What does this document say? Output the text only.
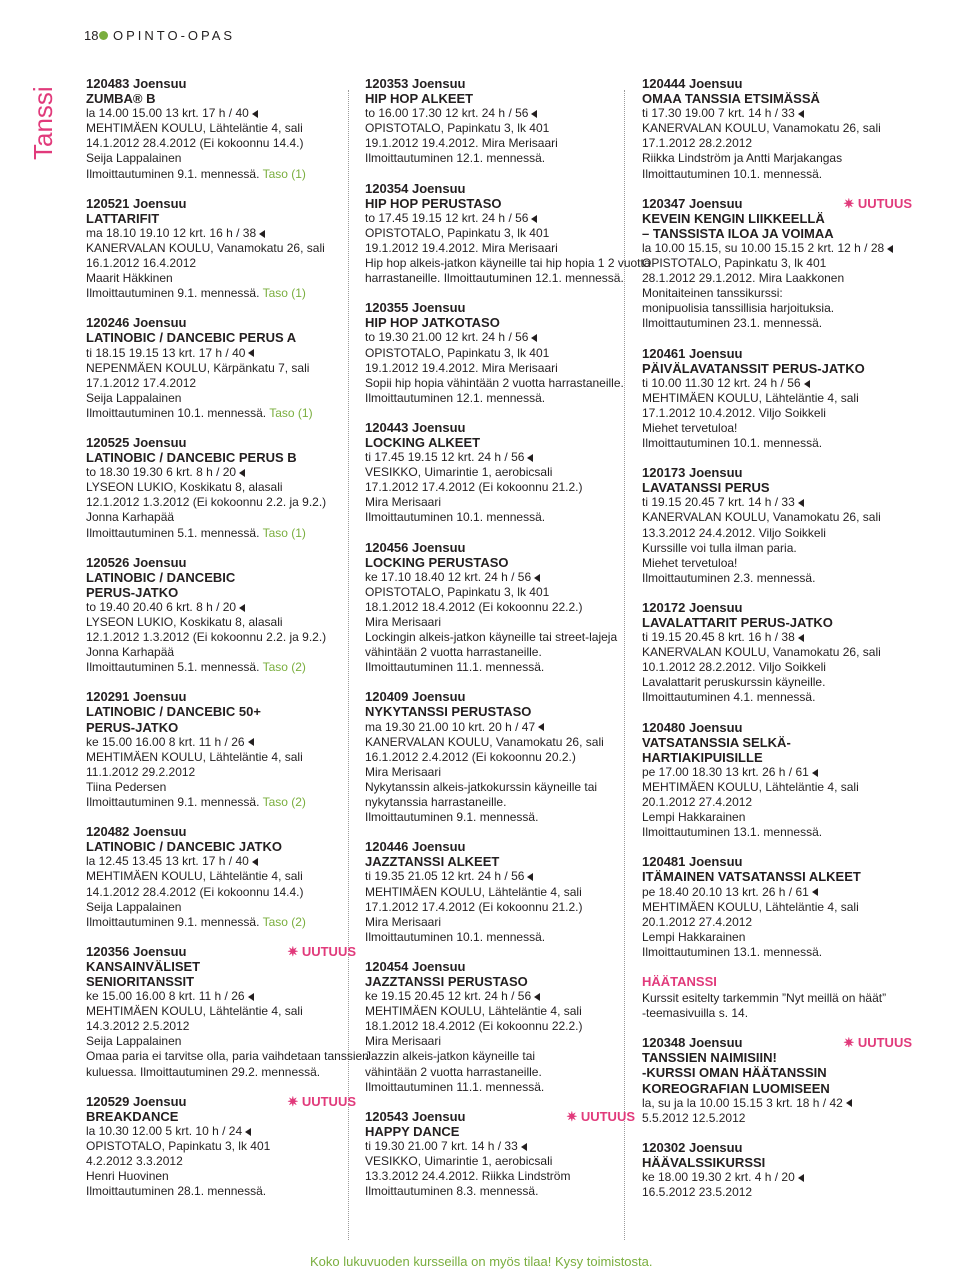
18 OPINTO-OPAS
Tanssi
120483 Joensuu
ZUMBA® B
la 14.00 15.00 13 krt. 17 h / 40
MEHTIMÄEN KOULU, Lähteläntie 4, sali
14.1.2012 28.4.2012 (Ei kokoonnu 14.4.)
Seija Lappalainen
Ilmoittautuminen 9.1. mennessä. Taso (1)
120521 Joensuu
LATTARIFIT
ma 18.10 19.10 12 krt. 16 h / 38
KANERVALAN KOULU, Vanamokatu 26, sali
16.1.2012 16.4.2012
Maarit Häkkinen
Ilmoittautuminen 9.1. mennessä. Taso (1)
120246 Joensuu
LATINOBIC / DANCEBIC PERUS A
ti 18.15 19.15 13 krt. 17 h / 40
NEPENMÄEN KOULU, Kärpänkatu 7, sali
17.1.2012 17.4.2012
Seija Lappalainen
Ilmoittautuminen 10.1. mennessä. Taso (1)
120525 Joensuu
LATINOBIC / DANCEBIC PERUS B
to 18.30 19.30 6 krt. 8 h / 20
LYSEON LUKIO, Koskikatu 8, alasali
12.1.2012 1.3.2012 (Ei kokoonnu 2.2. ja 9.2.)
Jonna Karhapää
Ilmoittautuminen 5.1. mennessä. Taso (1)
120526 Joensuu
LATINOBIC / DANCEBIC
PERUS-JATKO
to 19.40 20.40 6 krt. 8 h / 20
LYSEON LUKIO, Koskikatu 8, alasali
12.1.2012 1.3.2012 (Ei kokoonnu 2.2. ja 9.2.)
Jonna Karhapää
Ilmoittautuminen 5.1. mennessä. Taso (2)
120291 Joensuu
LATINOBIC / DANCEBIC 50+
PERUS-JATKO
ke 15.00 16.00 8 krt. 11 h / 26
MEHTIMÄEN KOULU, Lähteläntie 4, sali
11.1.2012 29.2.2012
Tiina Pedersen
Ilmoittautuminen 9.1. mennessä. Taso (2)
120482 Joensuu
LATINOBIC / DANCEBIC JATKO
la 12.45 13.45 13 krt. 17 h / 40
MEHTIMÄEN KOULU, Lähteläntie 4, sali
14.1.2012 28.4.2012 (Ei kokoonnu 14.4.)
Seija Lappalainen
Ilmoittautuminen 9.1. mennessä. Taso (2)
✷ UUTUUS
120356 Joensuu
KANSAINVÄLISET
SENIORITANSSIT
ke 15.00 16.00 8 krt. 11 h / 26
MEHTIMÄEN KOULU, Lähteläntie 4, sali
14.3.2012 2.5.2012
Seija Lappalainen
Omaa paria ei tarvitse olla, paria vaihdetaan tanssien
kuluessa. Ilmoittautuminen 29.2. mennessä.
✷ UUTUUS
120529 Joensuu
BREAKDANCE
la 10.30 12.00 5 krt. 10 h / 24
OPISTOTALO, Papinkatu 3, lk 401
4.2.2012 3.3.2012
Henri Huovinen
Ilmoittautuminen 28.1. mennessä.
120353 Joensuu
HIP HOP ALKEET
to 16.00 17.30 12 krt. 24 h / 56
OPISTOTALO, Papinkatu 3, lk 401
19.1.2012 19.4.2012. Mira Merisaari
Ilmoittautuminen 12.1. mennessä.
120354 Joensuu
HIP HOP PERUSTASO
to 17.45 19.15 12 krt. 24 h / 56
OPISTOTALO, Papinkatu 3, lk 401
19.1.2012 19.4.2012. Mira Merisaari
Hip hop alkeis-jatkon käyneille tai hip hopia 1 2 vuotta
harrastaneille. Ilmoittautuminen 12.1. mennessä.
120355 Joensuu
HIP HOP JATKOTASO
to 19.30 21.00 12 krt. 24 h / 56
OPISTOTALO, Papinkatu 3, lk 401
19.1.2012 19.4.2012. Mira Merisaari
Sopii hip hopia vähintään 2 vuotta harrastaneille.
Ilmoittautuminen 12.1. mennessä.
120443 Joensuu
LOCKING ALKEET
ti 17.45 19.15 12 krt. 24 h / 56
VESIKKO, Uimarintie 1, aerobicsali
17.1.2012 17.4.2012 (Ei kokoonnu 21.2.)
Mira Merisaari
Ilmoittautuminen 10.1. mennessä.
120456 Joensuu
LOCKING PERUSTASO
ke 17.10 18.40 12 krt. 24 h / 56
OPISTOTALO, Papinkatu 3, lk 401
18.1.2012 18.4.2012 (Ei kokoonnu 22.2.)
Mira Merisaari
Lockingin alkeis-jatkon käyneille tai street-lajeja
vähintään 2 vuotta harrastaneille.
Ilmoittautuminen 11.1. mennessä.
120409 Joensuu
NYKYTANSSI PERUSTASO
ma 19.30 21.00 10 krt. 20 h / 47
KANERVALAN KOULU, Vanamokatu 26, sali
16.1.2012 2.4.2012 (Ei kokoonnu 20.2.)
Mira Merisaari
Nykytanssin alkeis-jatkokurssin käyneille tai
nykytanssia harrastaneille.
Ilmoittautuminen 9.1. mennessä.
120446 Joensuu
JAZZTANSSI ALKEET
ti 19.35 21.05 12 krt. 24 h / 56
MEHTIMÄEN KOULU, Lähteläntie 4, sali
17.1.2012 17.4.2012 (Ei kokoonnu 21.2.)
Mira Merisaari
Ilmoittautuminen 10.1. mennessä.
120454 Joensuu
JAZZTANSSI PERUSTASO
ke 19.15 20.45 12 krt. 24 h / 56
MEHTIMÄEN KOULU, Lähteläntie 4, sali
18.1.2012 18.4.2012 (Ei kokoonnu 22.2.)
Mira Merisaari
Jazzin alkeis-jatkon käyneille tai
vähintään 2 vuotta harrastaneille.
Ilmoittautuminen 11.1. mennessä.
✷ UUTUUS
120543 Joensuu
HAPPY DANCE
ti 19.30 21.00 7 krt. 14 h / 33
VESIKKO, Uimarintie 1, aerobicsali
13.3.2012 24.4.2012. Riikka Lindström
Ilmoittautuminen 8.3. mennessä.
120444 Joensuu
OMAA TANSSIA ETSIMÄSSÄ
ti 17.30 19.00 7 krt. 14 h / 33
KANERVALAN KOULU, Vanamokatu 26, sali
17.1.2012 28.2.2012
Riikka Lindström ja Antti Marjakangas
Ilmoittautuminen 10.1. mennessä.
✷ UUTUUS
120347 Joensuu
KEVEIN KENGIN LIIKKEELLÄ
– TANSSISTA ILOA JA VOIMAA
la 10.00 15.15, su 10.00 15.15 2 krt. 12 h / 28
OPISTOTALO, Papinkatu 3, lk 401
28.1.2012 29.1.2012. Mira Laakkonen
Monitaiteinen tanssikurssi:
monipuolisia tanssillisia harjoituksia.
Ilmoittautuminen 23.1. mennessä.
120461 Joensuu
PÄIVÄLAVATANSSIT PERUS-JATKO
ti 10.00 11.30 12 krt. 24 h / 56
MEHTIMÄEN KOULU, Lähteläntie 4, sali
17.1.2012 10.4.2012. Viljo Soikkeli
Miehet tervetuloa!
Ilmoittautuminen 10.1. mennessä.
120173 Joensuu
LAVATANSSI PERUS
ti 19.15 20.45 7 krt. 14 h / 33
KANERVALAN KOULU, Vanamokatu 26, sali
13.3.2012 24.4.2012. Viljo Soikkeli
Kurssille voi tulla ilman paria.
Miehet tervetuloa!
Ilmoittautuminen 2.3. mennessä.
120172 Joensuu
LAVALATTARIT PERUS-JATKO
ti 19.15 20.45 8 krt. 16 h / 38
KANERVALAN KOULU, Vanamokatu 26, sali
10.1.2012 28.2.2012. Viljo Soikkeli
Lavalattarit peruskurssin käyneille.
Ilmoittautuminen 4.1. mennessä.
120480 Joensuu
VATSATANSSIA SELKÄ-
HARTIAKIPUISILLE
pe 17.00 18.30 13 krt. 26 h / 61
MEHTIMÄEN KOULU, Lähteläntie 4, sali
20.1.2012 27.4.2012
Lempi Hakkarainen
Ilmoittautuminen 13.1. mennessä.
120481 Joensuu
ITÄMAINEN VATSATANSSI ALKEET
pe 18.40 20.10 13 krt. 26 h / 61
MEHTIMÄEN KOULU, Lähteläntie 4, sali
20.1.2012 27.4.2012
Lempi Hakkarainen
Ilmoittautuminen 13.1. mennessä.
HÄÄTANSSI
Kurssit esitelty tarkemmin ”Nyt meillä on häät”
-teemasivuilla s. 14.
✷ UUTUUS
120348 Joensuu
TANSSIEN NAIMISIIN!
-KURSSI OMAN HÄÄTANSSIN
KOREOGRAFIAN LUOMISEEN
la, su ja la 10.00 15.15 3 krt. 18 h / 42
5.5.2012 12.5.2012
120302 Joensuu
HÄÄVALSSIKURSSI
ke 18.00 19.30 2 krt. 4 h / 20
16.5.2012 23.5.2012
Koko lukuvuoden kursseilla on myös tilaa! Kysy toimistosta.
